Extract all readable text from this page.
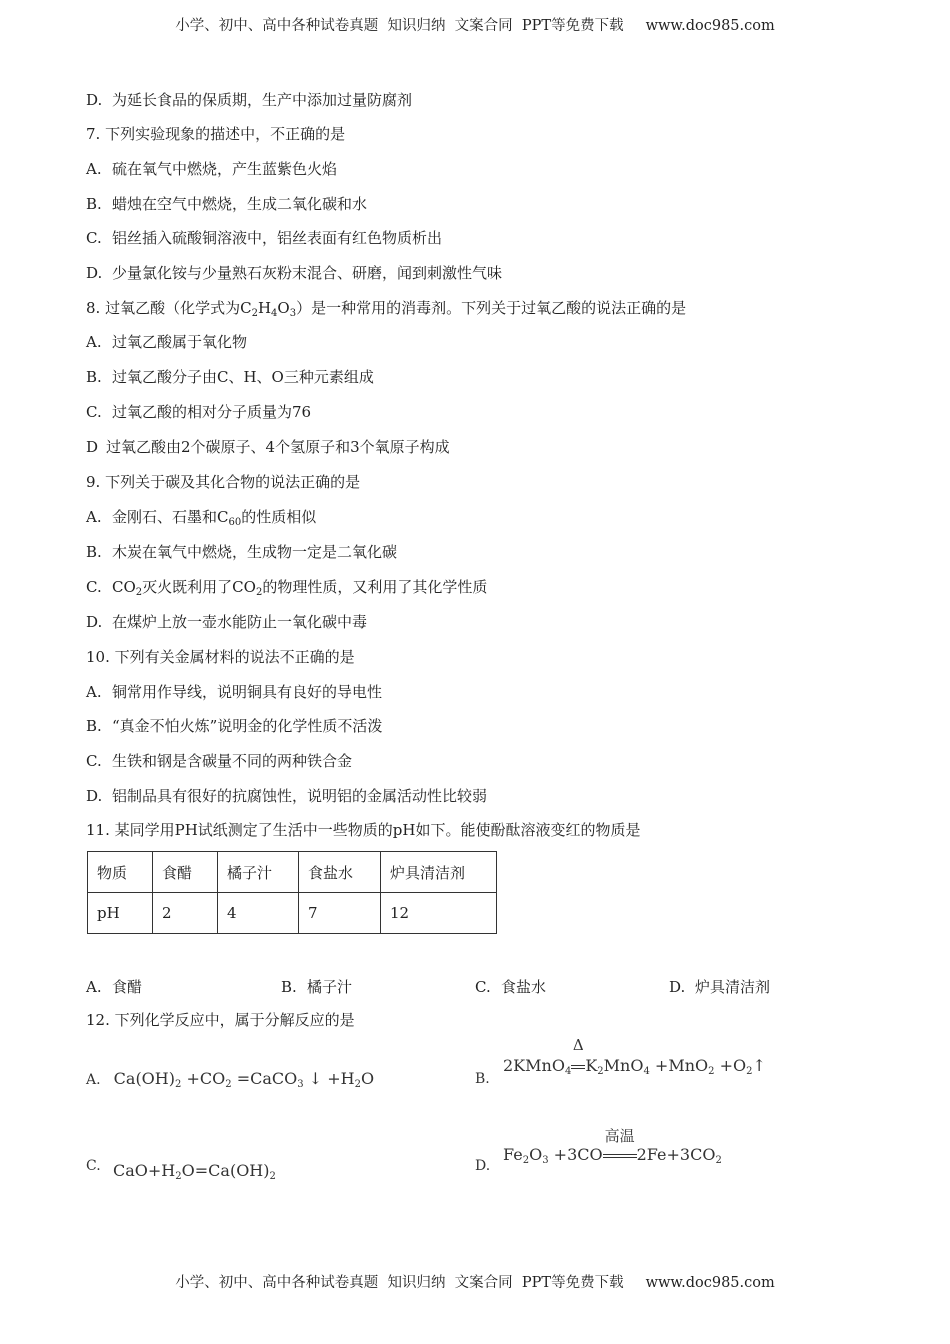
小学、初中、高中各种试卷真题  知识归纳  文案合同  PPT等免费下载 www.doc985.com
D. 为延长食品的保质期，生产中添加过量防腐剂
7. 下列实验现象的描述中，不正确的是
A. 硫在氧气中燃烧，产生蓝紫色火焰
B. 蜡烛在空气中燃烧，生成二氧化碳和水
C. 铝丝插入硫酸铜溶液中，铝丝表面有红色物质析出
D. 少量氯化铵与少量熟石灰粉末混合、研磨，闻到刺激性气味
8. 过氧乙酸（化学式为$C_2H_4O_3$）是一种常用的消毒剂。下列关于过氧乙酸的说法正确的是
A. 过氧乙酸属于氧化物
B. 过氧乙酸分子由C、H、O三种元素组成
C. 过氧乙酸的相对分子质量为76
D 过氧乙酸由2个碳原子、4个氢原子和3个氧原子构成
9. 下列关于碳及其化合物的说法正确的是
A. 金刚石、石墨和$C_{60}$的性质相似
B. 木炭在氧气中燃烧，生成物一定是二氧化碳
C. $CO_2$灭火既利用了$CO_2$的物理性质，又利用了其化学性质
D. 在煤炉上放一壶水能防止一氧化碳中毒
10. 下列有关金属材料的说法不正确的是
A. 铜常用作导线，说明铜具有良好的导电性
B. “真金不怕火炼”说明金的化学性质不活泼
C. 生铁和钢是含碳量不同的两种铁合金
D. 铝制品具有很好的抗腐蚀性，说明铝的金属活动性比较弱
11. 某同学用PH试纸测定了生活中一些物质的pH如下。能使酚酞溶液变红的物质是
物质	食醋	橘子汁	食盐水	炉具清洁剂
pH	2	4	7	12
A. 食醋	B. 橘子汁	C. 食盐水	D. 炉具清洁剂
12. 下列化学反应中，属于分解反应的是
A. $Ca(OH)_2 +CO_2$ =CaCO$_3$ ↓ $+H_2O$	B.
2KMnO$_4$
Δ
$K_2MnO_4 +MnO_2$ $+O_2↑$
C. $CaO+H_2O=Ca(OH)_2$
D.
$Fe_2O_3 +3CO$
高温
$2Fe+3CO_2$
小学、初中、高中各种试卷真题  知识归纳  文案合同  PPT等免费下载 www.doc985.com
